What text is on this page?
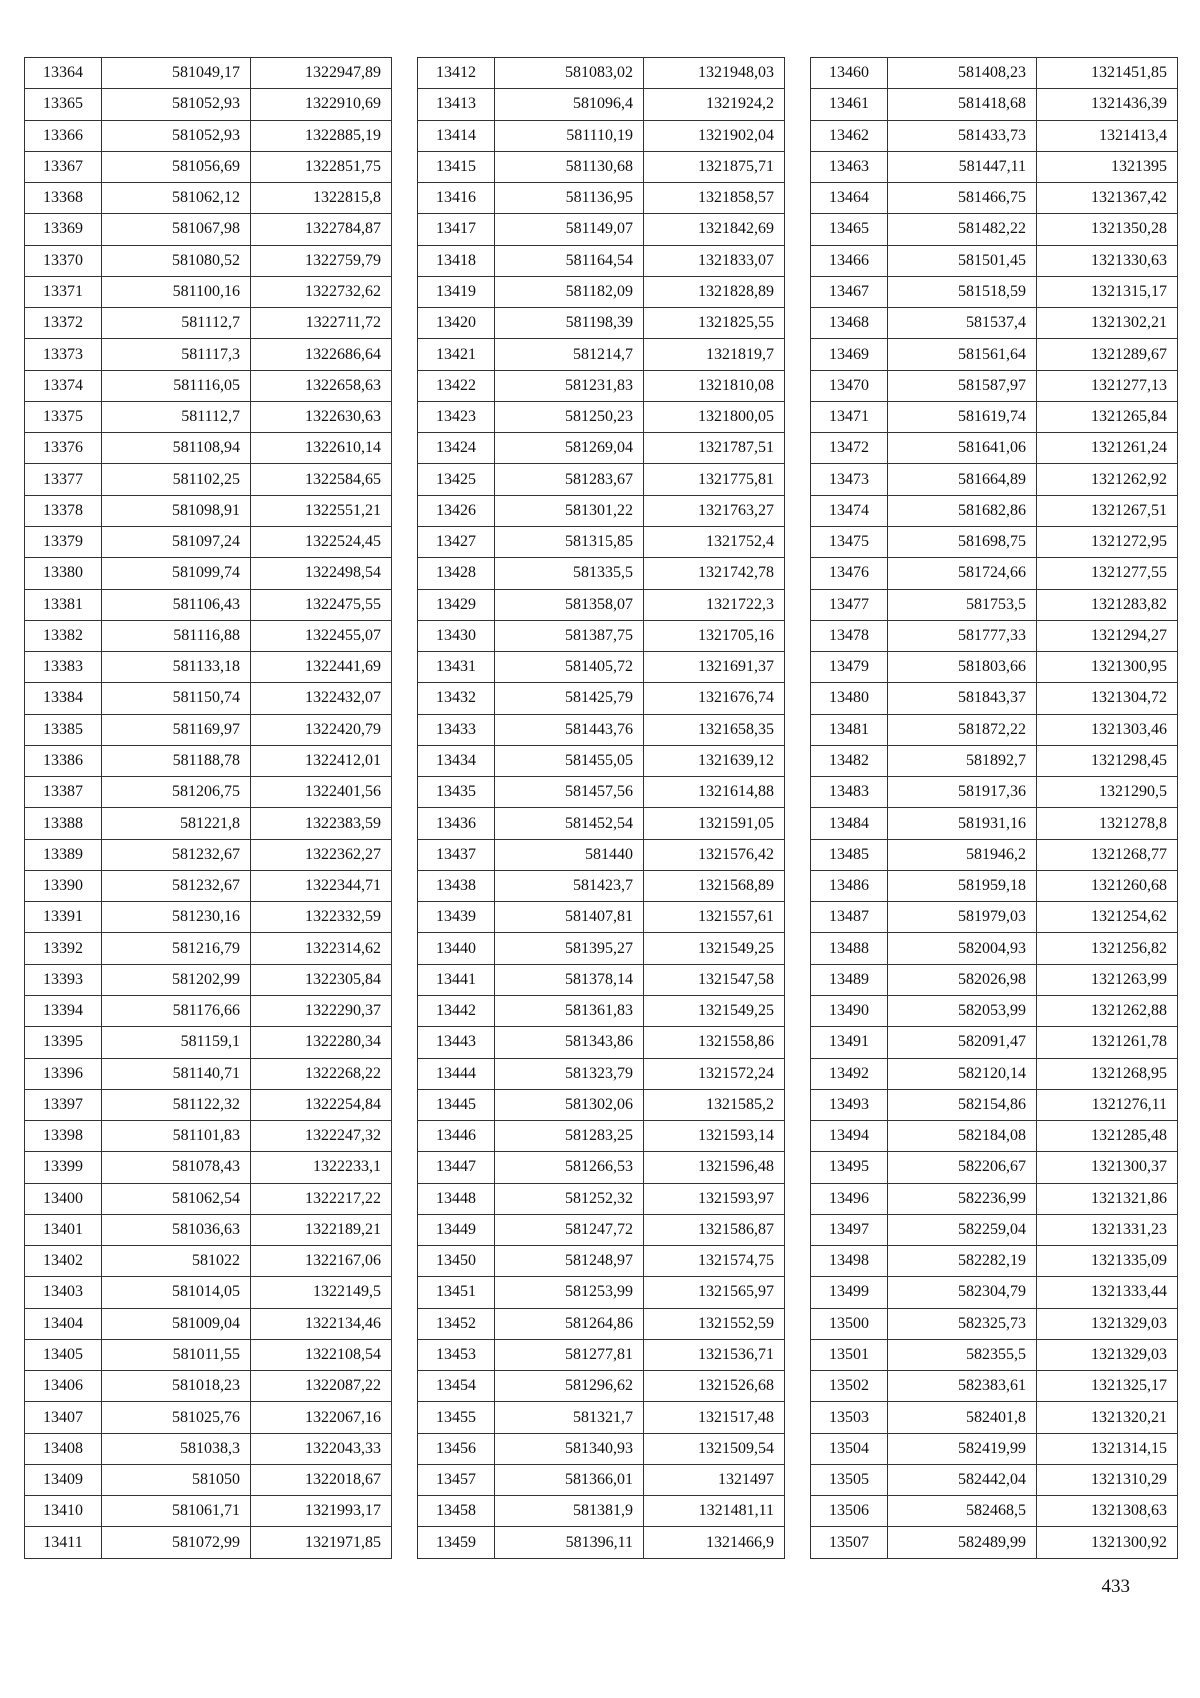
13364	581049,17	1322947,89
13365	581052,93	1322910,69
13366	581052,93	1322885,19
13367	581056,69	1322851,75
13368	581062,12	1322815,8
13369	581067,98	1322784,87
13370	581080,52	1322759,79
13371	581100,16	1322732,62
13372	581112,7	1322711,72
13373	581117,3	1322686,64
13374	581116,05	1322658,63
13375	581112,7	1322630,63
13376	581108,94	1322610,14
13377	581102,25	1322584,65
13378	581098,91	1322551,21
13379	581097,24	1322524,45
13380	581099,74	1322498,54
13381	581106,43	1322475,55
13382	581116,88	1322455,07
13383	581133,18	1322441,69
13384	581150,74	1322432,07
13385	581169,97	1322420,79
13386	581188,78	1322412,01
13387	581206,75	1322401,56
13388	581221,8	1322383,59
13389	581232,67	1322362,27
13390	581232,67	1322344,71
13391	581230,16	1322332,59
13392	581216,79	1322314,62
13393	581202,99	1322305,84
13394	581176,66	1322290,37
13395	581159,1	1322280,34
13396	581140,71	1322268,22
13397	581122,32	1322254,84
13398	581101,83	1322247,32
13399	581078,43	1322233,1
13400	581062,54	1322217,22
13401	581036,63	1322189,21
13402	581022	1322167,06
13403	581014,05	1322149,5
13404	581009,04	1322134,46
13405	581011,55	1322108,54
13406	581018,23	1322087,22
13407	581025,76	1322067,16
13408	581038,3	1322043,33
13409	581050	1322018,67
13410	581061,71	1321993,17
13411	581072,99	1321971,85
13412	581083,02	1321948,03
13413	581096,4	1321924,2
13414	581110,19	1321902,04
13415	581130,68	1321875,71
13416	581136,95	1321858,57
13417	581149,07	1321842,69
13418	581164,54	1321833,07
13419	581182,09	1321828,89
13420	581198,39	1321825,55
13421	581214,7	1321819,7
13422	581231,83	1321810,08
13423	581250,23	1321800,05
13424	581269,04	1321787,51
13425	581283,67	1321775,81
13426	581301,22	1321763,27
13427	581315,85	1321752,4
13428	581335,5	1321742,78
13429	581358,07	1321722,3
13430	581387,75	1321705,16
13431	581405,72	1321691,37
13432	581425,79	1321676,74
13433	581443,76	1321658,35
13434	581455,05	1321639,12
13435	581457,56	1321614,88
13436	581452,54	1321591,05
13437	581440	1321576,42
13438	581423,7	1321568,89
13439	581407,81	1321557,61
13440	581395,27	1321549,25
13441	581378,14	1321547,58
13442	581361,83	1321549,25
13443	581343,86	1321558,86
13444	581323,79	1321572,24
13445	581302,06	1321585,2
13446	581283,25	1321593,14
13447	581266,53	1321596,48
13448	581252,32	1321593,97
13449	581247,72	1321586,87
13450	581248,97	1321574,75
13451	581253,99	1321565,97
13452	581264,86	1321552,59
13453	581277,81	1321536,71
13454	581296,62	1321526,68
13455	581321,7	1321517,48
13456	581340,93	1321509,54
13457	581366,01	1321497
13458	581381,9	1321481,11
13459	581396,11	1321466,9
13460	581408,23	1321451,85
13461	581418,68	1321436,39
13462	581433,73	1321413,4
13463	581447,11	1321395
13464	581466,75	1321367,42
13465	581482,22	1321350,28
13466	581501,45	1321330,63
13467	581518,59	1321315,17
13468	581537,4	1321302,21
13469	581561,64	1321289,67
13470	581587,97	1321277,13
13471	581619,74	1321265,84
13472	581641,06	1321261,24
13473	581664,89	1321262,92
13474	581682,86	1321267,51
13475	581698,75	1321272,95
13476	581724,66	1321277,55
13477	581753,5	1321283,82
13478	581777,33	1321294,27
13479	581803,66	1321300,95
13480	581843,37	1321304,72
13481	581872,22	1321303,46
13482	581892,7	1321298,45
13483	581917,36	1321290,5
13484	581931,16	1321278,8
13485	581946,2	1321268,77
13486	581959,18	1321260,68
13487	581979,03	1321254,62
13488	582004,93	1321256,82
13489	582026,98	1321263,99
13490	582053,99	1321262,88
13491	582091,47	1321261,78
13492	582120,14	1321268,95
13493	582154,86	1321276,11
13494	582184,08	1321285,48
13495	582206,67	1321300,37
13496	582236,99	1321321,86
13497	582259,04	1321331,23
13498	582282,19	1321335,09
13499	582304,79	1321333,44
13500	582325,73	1321329,03
13501	582355,5	1321329,03
13502	582383,61	1321325,17
13503	582401,8	1321320,21
13504	582419,99	1321314,15
13505	582442,04	1321310,29
13506	582468,5	1321308,63
13507	582489,99	1321300,92
433
